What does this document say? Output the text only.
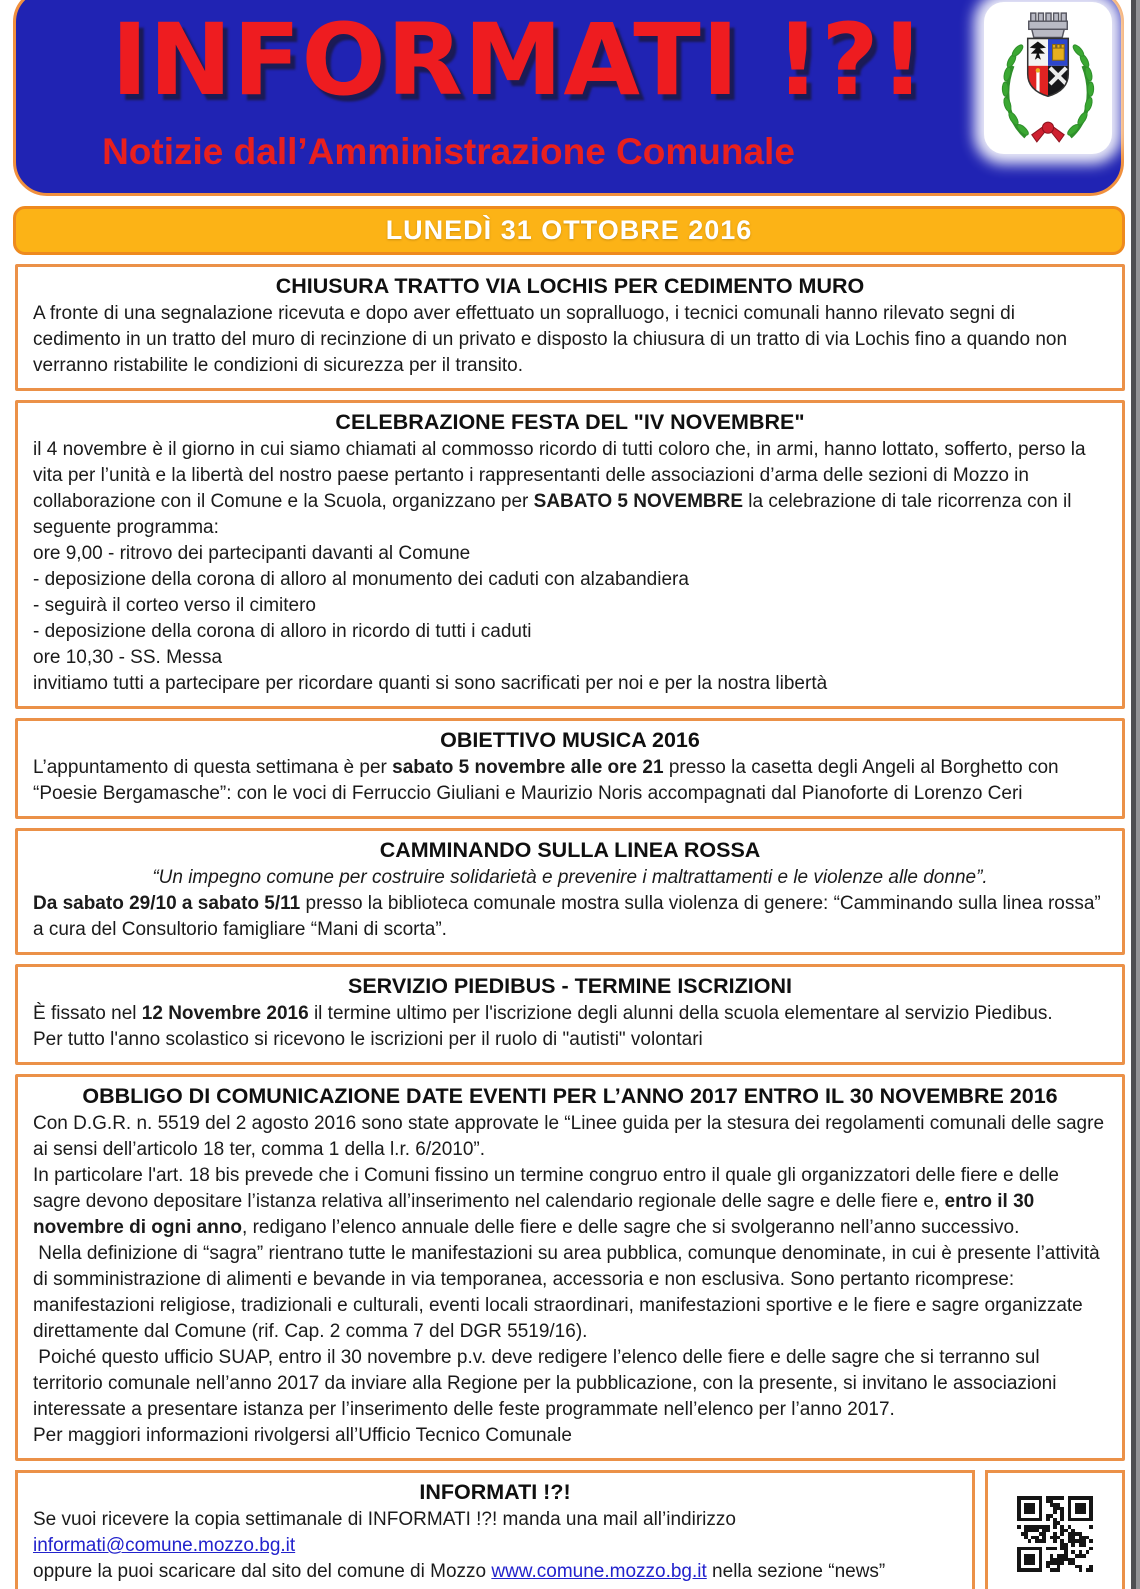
INFORMATI !?!
Notizie dall’Amministrazione Comunale
LUNEDÌ 31 OTTOBRE 2016
CHIUSURA TRATTO VIA LOCHIS PER CEDIMENTO MURO
A fronte di una segnalazione ricevuta e dopo aver effettuato un sopralluogo, i tecnici comunali hanno rilevato segni di cedimento in un tratto del muro di recinzione di un privato e disposto la chiusura di un tratto di via Lochis fino a quando non verranno ristabilite le condizioni di sicurezza per il transito.
CELEBRAZIONE FESTA DEL "IV NOVEMBRE"
il 4 novembre è il giorno in cui siamo chiamati al commosso ricordo di tutti coloro che, in armi, hanno lottato, sofferto, perso la vita per l’unità e la libertà del nostro paese pertanto i rappresentanti delle associazioni d’arma delle sezioni di Mozzo in collaborazione con il Comune e la Scuola, organizzano per SABATO 5 NOVEMBRE la celebrazione di tale ricorrenza con il seguente programma:
ore 9,00 - ritrovo dei partecipanti davanti al Comune
- deposizione della corona di alloro al monumento dei caduti con alzabandiera
- seguirà il corteo verso il cimitero
- deposizione della corona di alloro in ricordo di tutti i caduti
ore 10,30 - SS. Messa
invitiamo tutti a partecipare per ricordare quanti si sono sacrificati per noi e per la nostra libertà
OBIETTIVO MUSICA 2016
L’appuntamento di questa settimana è per sabato 5 novembre alle ore 21 presso la casetta degli Angeli al Borghetto con “Poesie Bergamasche”: con le voci di Ferruccio Giuliani e Maurizio Noris accompagnati dal Pianoforte di Lorenzo Ceri
CAMMINANDO SULLA LINEA ROSSA
“Un impegno comune per costruire solidarietà e prevenire i maltrattamenti e le violenze alle donne”.
Da sabato 29/10 a sabato 5/11 presso la biblioteca comunale mostra sulla violenza di genere: “Camminando sulla linea rossa” a cura del Consultorio famigliare “Mani di scorta”.
SERVIZIO PIEDIBUS - TERMINE ISCRIZIONI
È fissato nel 12 Novembre 2016 il termine ultimo per l'iscrizione degli alunni della scuola elementare al servizio Piedibus.
Per tutto l'anno scolastico si ricevono le iscrizioni per il ruolo di "autisti" volontari
OBBLIGO DI COMUNICAZIONE DATE EVENTI PER L’ANNO 2017 ENTRO IL 30 NOVEMBRE 2016
Con D.G.R. n. 5519 del 2 agosto 2016 sono state approvate le “Linee guida per la stesura dei regolamenti comunali delle sagre ai sensi dell’articolo 18 ter, comma 1 della l.r. 6/2010”.
In particolare l'art. 18 bis prevede che i Comuni fissino un termine congruo entro il quale gli organizzatori delle fiere e delle sagre devono depositare l’istanza relativa all’inserimento nel calendario regionale delle sagre e delle fiere e, entro il 30 novembre di ogni anno, redigano l’elenco annuale delle fiere e delle sagre che si svolgeranno nell’anno successivo.
Nella definizione di “sagra” rientrano tutte le manifestazioni su area pubblica, comunque denominate, in cui è presente l’attività di somministrazione di alimenti e bevande in via temporanea, accessoria e non esclusiva. Sono pertanto ricomprese: manifestazioni religiose, tradizionali e culturali, eventi locali straordinari, manifestazioni sportive e le fiere e sagre organizzate direttamente dal Comune (rif. Cap. 2 comma 7 del DGR 5519/16).
Poiché questo ufficio SUAP, entro il 30 novembre p.v. deve redigere l’elenco delle fiere e delle sagre che si terranno sul territorio comunale nell’anno 2017 da inviare alla Regione per la pubblicazione, con la presente, si invitano le associazioni interessate a presentare istanza per l’inserimento delle feste programmate nell’elenco per l’anno 2017.
Per maggiori informazioni rivolgersi all’Ufficio Tecnico Comunale
INFORMATI !?!
Se vuoi ricevere la copia settimanale di INFORMATI !?! manda una mail all’indirizzo informati@comune.mozzo.bg.it
oppure la puoi scaricare dal sito del comune di Mozzo www.comune.mozzo.bg.it nella sezione “news”
